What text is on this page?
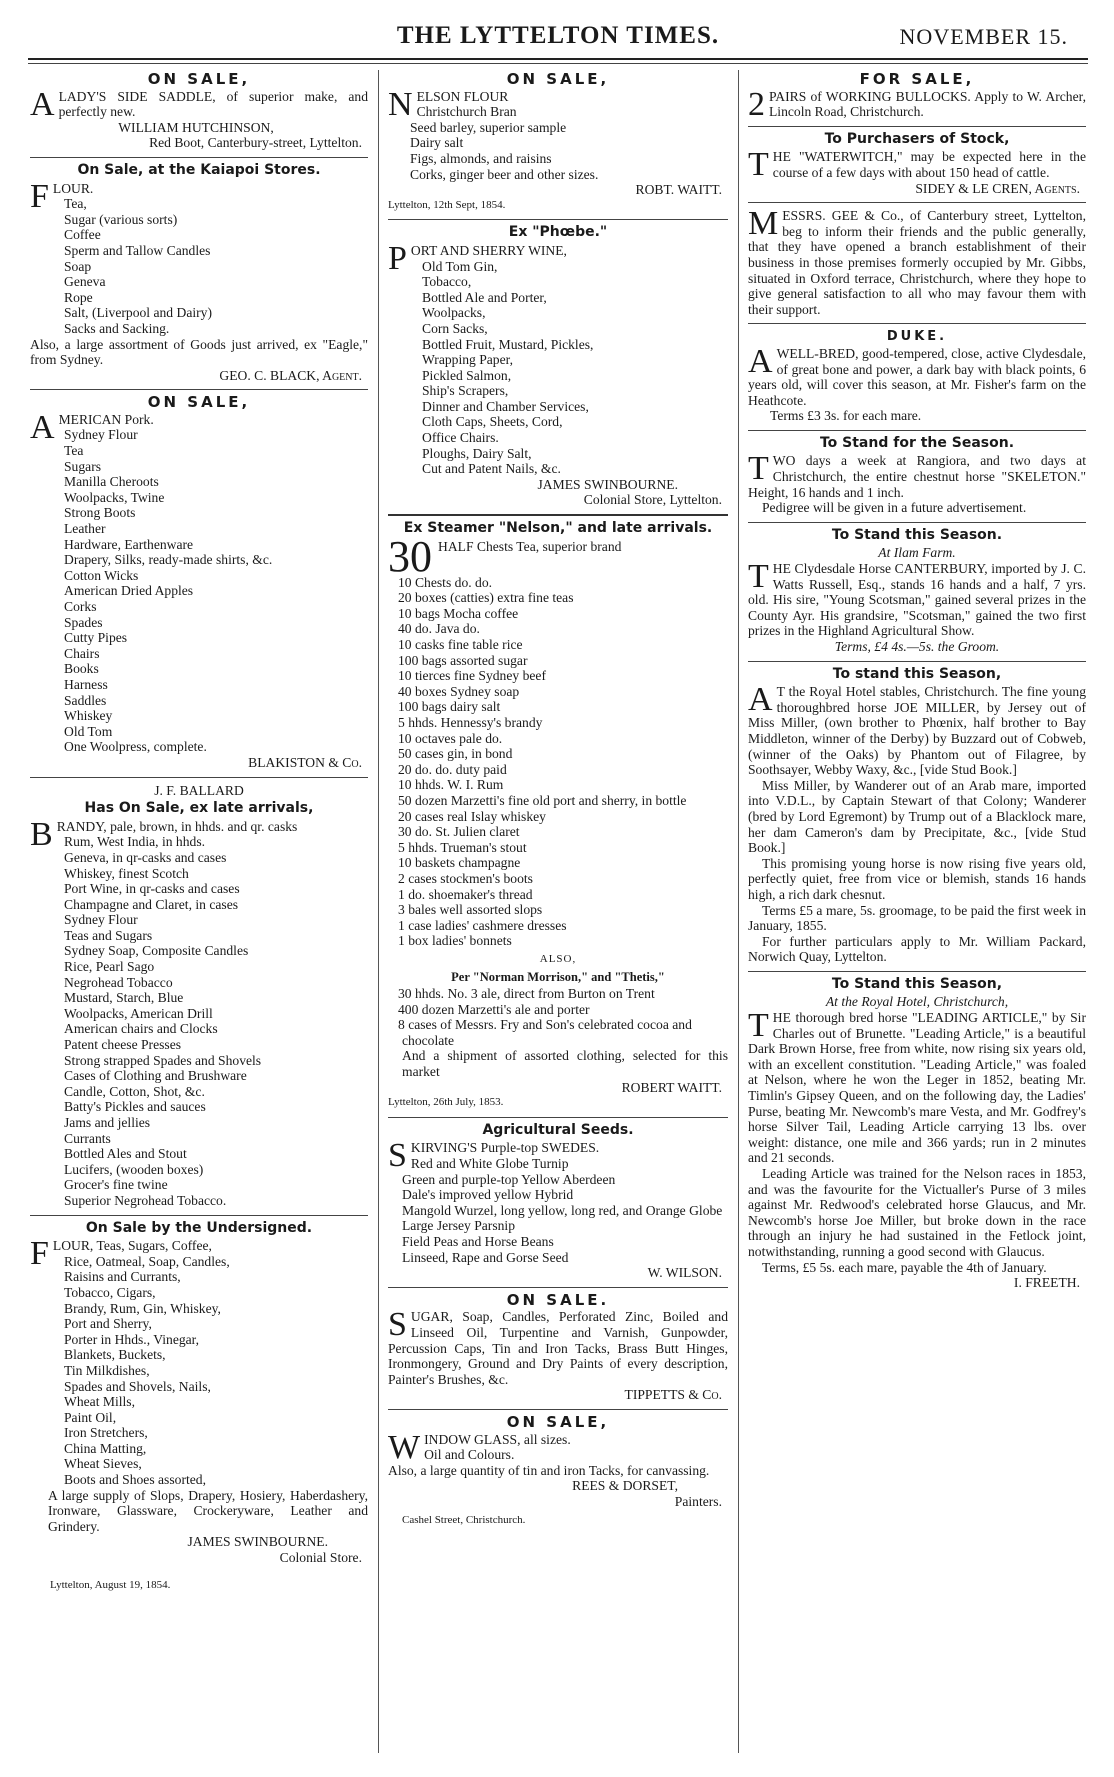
THE LYTTELTON TIMES.	NOVEMBER 15.
ON SALE,

ALADY'S SIDE SADDLE, of superior make, and perfectly new.

WILLIAM HUTCHINSON,
Red Boot, Canterbury-street, Lyttelton.
On Sale, at the Kaiapoi Stores.
FLOUR.
Tea,
Sugar (various sorts)
Coffee
Sperm and Tallow Candles
Soap
Geneva
Rope
Salt, (Liverpool and Dairy)
Sacks and Sacking.

Also, a large assortment of Goods just arrived, ex "Eagle," from Sydney.

GEO. C. BLACK, Agent.
ON SALE,
AMERICAN Pork.
Sydney Flour
Tea
Sugars
Manilla Cheroots
Woolpacks, Twine
Strong Boots
Leather
Hardware, Earthenware
Drapery, Silks, ready-made shirts, &c.
Cotton Wicks
American Dried Apples
Corks
Spades
Cutty Pipes
Chairs
Books
Harness
Saddles
Whiskey
Old Tom
One Woolpress, complete.
BLAKISTON & Co.
J. F. BALLARD
Has On Sale, ex late arrivals,

BRANDY, pale, brown, in hhds. and qr. casks

Rum, West India, in hhds.
Geneva, in qr-casks and cases
Whiskey, finest Scotch
Port Wine, in qr-casks and cases
Champagne and Claret, in cases
Sydney Flour
Teas and Sugars
Sydney Soap, Composite Candles
Rice, Pearl Sago
Negrohead Tobacco
Mustard, Starch, Blue
Woolpacks, American Drill
American chairs and Clocks
Patent cheese Presses
Strong strapped Spades and Shovels
Cases of Clothing and Brushware
Candle, Cotton, Shot, &c.
Batty's Pickles and sauces
Jams and jellies
Currants
Bottled Ales and Stout
Lucifers, (wooden boxes)
Grocer's fine twine
Superior Negrohead Tobacco.
On Sale by the Undersigned.
FLOUR, Teas, Sugars, Coffee,
Rice, Oatmeal, Soap, Candles,
Raisins and Currants,
Tobacco, Cigars,
Brandy, Rum, Gin, Whiskey,
Port and Sherry,
Porter in Hhds., Vinegar,
Blankets, Buckets,
Tin Milkdishes,
Spades and Shovels, Nails,
Wheat Mills,
Paint Oil,
Iron Stretchers,
China Matting,
Wheat Sieves,
Boots and Shoes assorted,

A large supply of Slops, Drapery, Hosiery, Haberdashery, Ironware, Glassware, Crockeryware, Leather and Grindery.

JAMES SWINBOURNE.
Colonial Store.
Lyttelton, August 19, 1854.
ON SALE,
NELSON FLOUR
Christchurch Bran
Seed barley, superior sample
Dairy salt
Figs, almonds, and raisins
Corks, ginger beer and other sizes.
ROBT. WAITT.
Lyttelton, 12th Sept, 1854.
Ex "Phœbe."
PORT AND SHERRY WINE,
Old Tom Gin,
Tobacco,
Bottled Ale and Porter,
Woolpacks,
Corn Sacks,
Bottled Fruit, Mustard, Pickles,
Wrapping Paper,
Pickled Salmon,
Ship's Scrapers,
Dinner and Chamber Services,
Cloth Caps, Sheets, Cord,
Office Chairs.
Ploughs, Dairy Salt,
Cut and Patent Nails, &c.
JAMES SWINBOURNE.
Colonial Store, Lyttelton.
Ex Steamer "Nelson," and late arrivals.
30 HALF Chests Tea, superior brand
10 Chests do. do.
20 boxes (catties) extra fine teas
10 bags Mocha coffee
40 do. Java do.
10 casks fine table rice
100 bags assorted sugar
10 tierces fine Sydney beef
40 boxes Sydney soap
100 bags dairy salt
5 hhds. Hennessy's brandy
10 octaves pale do.
50 cases gin, in bond
20 do. do. duty paid
10 hhds. W. I. Rum
50 dozen Marzetti's fine old port and sherry, in bottle
20 cases real Islay whiskey
30 do. St. Julien claret
5 hhds. Trueman's stout
10 baskets champagne
2 cases stockmen's boots
1 do. shoemaker's thread
3 bales well assorted slops
1 case ladies' cashmere dresses
1 box ladies' bonnets
ALSO,
Per "Norman Morrison," and "Thetis,"
30 hhds. No. 3 ale, direct from Burton on Trent
400 dozen Marzetti's ale and porter
8 cases of Messrs. Fry and Son's celebrated cocoa and chocolate

And a shipment of assorted clothing, selected for this market

ROBERT WAITT.
Lyttelton, 26th July, 1853.
Agricultural Seeds.
SKIRVING'S Purple-top SWEDES.
Red and White Globe Turnip
Green and purple-top Yellow Aberdeen
Dale's improved yellow Hybrid
Mangold Wurzel, long yellow, long red, and Orange Globe
Large Jersey Parsnip
Field Peas and Horse Beans
Linseed, Rape and Gorse Seed
W. WILSON.
ON SALE.

SUGAR, Soap, Candles, Perforated Zinc, Boiled and Linseed Oil, Turpentine and Varnish, Gunpowder, Percussion Caps, Tin and Iron Tacks, Brass Butt Hinges, Ironmongery, Ground and Dry Paints of every description, Painter's Brushes, &c.

TIPPETTS & Co.
ON SALE,
WINDOW GLASS, all sizes.
Oil and Colours.

Also, a large quantity of tin and iron Tacks, for canvassing.

REES & DORSET,
Painters.
Cashel Street, Christchurch.
FOR SALE,

2 PAIRS of WORKING BULLOCKS. Apply to W. Archer, Lincoln Road, Christchurch.

To Purchasers of Stock,

THE "WATERWITCH," may be expected here in the course of a few days with about 150 head of cattle.

SIDEY & LE CREN, Agents.

MESSRS. GEE & Co., of Canterbury street, Lyttelton, beg to inform their friends and the public generally, that they have opened a branch establishment of their business in those premises formerly occupied by Mr. Gibbs, situated in Oxford terrace, Christchurch, where they hope to give general satisfaction to all who may favour them with their support.

DUKE.

AWELL-BRED, good-tempered, close, active Clydesdale, of great bone and power, a dark bay with black points, 6 years old, will cover this season, at Mr. Fisher's farm on the Heathcote.

Terms £3 3s. for each mare.
To Stand for the Season.

TWO days a week at Rangiora, and two days at Christchurch, the entire chestnut horse "SKELETON." Height, 16 hands and 1 inch.

Pedigree will be given in a future advertisement.

To Stand this Season.
At Ilam Farm.

THE Clydesdale Horse CANTERBURY, imported by J. C. Watts Russell, Esq., stands 16 hands and a half, 7 yrs. old. His sire, "Young Scotsman," gained several prizes in the County Ayr. His grandsire, "Scotsman," gained the two first prizes in the Highland Agricultural Show.

Terms, £4 4s.—5s. the Groom.
To stand this Season,

A T the Royal Hotel stables, Christchurch. The fine young thoroughbred horse JOE MILLER, by Jersey out of Miss Miller, (own brother to Phœnix, half brother to Bay Middleton, winner of the Derby) by Buzzard out of Cobweb, (winner of the Oaks) by Phantom out of Filagree, by Soothsayer, Webby Waxy, &c., [vide Stud Book.]

Miss Miller, by Wanderer out of an Arab mare, imported into V.D.L., by Captain Stewart of that Colony; Wanderer (bred by Lord Egremont) by Trump out of a Blacklock mare, her dam Cameron's dam by Precipitate, &c., [vide Stud Book.]

This promising young horse is now rising five years old, perfectly quiet, free from vice or blemish, stands 16 hands high, a rich dark chesnut.

Terms £5 a mare, 5s. groomage, to be paid the first week in January, 1855.

For further particulars apply to Mr. William Packard, Norwich Quay, Lyttelton.

To Stand this Season,
At the Royal Hotel, Christchurch,

THE thorough bred horse "LEADING ARTICLE," by Sir Charles out of Brunette. "Leading Article," is a beautiful Dark Brown Horse, free from white, now rising six years old, with an excellent constitution. "Leading Article," was foaled at Nelson, where he won the Leger in 1852, beating Mr. Timlin's Gipsey Queen, and on the following day, the Ladies' Purse, beating Mr. Newcomb's mare Vesta, and Mr. Godfrey's horse Silver Tail, Leading Article carrying 13 lbs. over weight: distance, one mile and 366 yards; run in 2 minutes and 21 seconds.

Leading Article was trained for the Nelson races in 1853, and was the favourite for the Victualler's Purse of 3 miles against Mr. Redwood's celebrated horse Glaucus, and Mr. Newcomb's horse Joe Miller, but broke down in the race through an injury he had sustained in the Fetlock joint, notwithstanding, running a good second with Glaucus.

Terms, £5 5s. each mare, payable the 4th of January.

I. FREETH.
